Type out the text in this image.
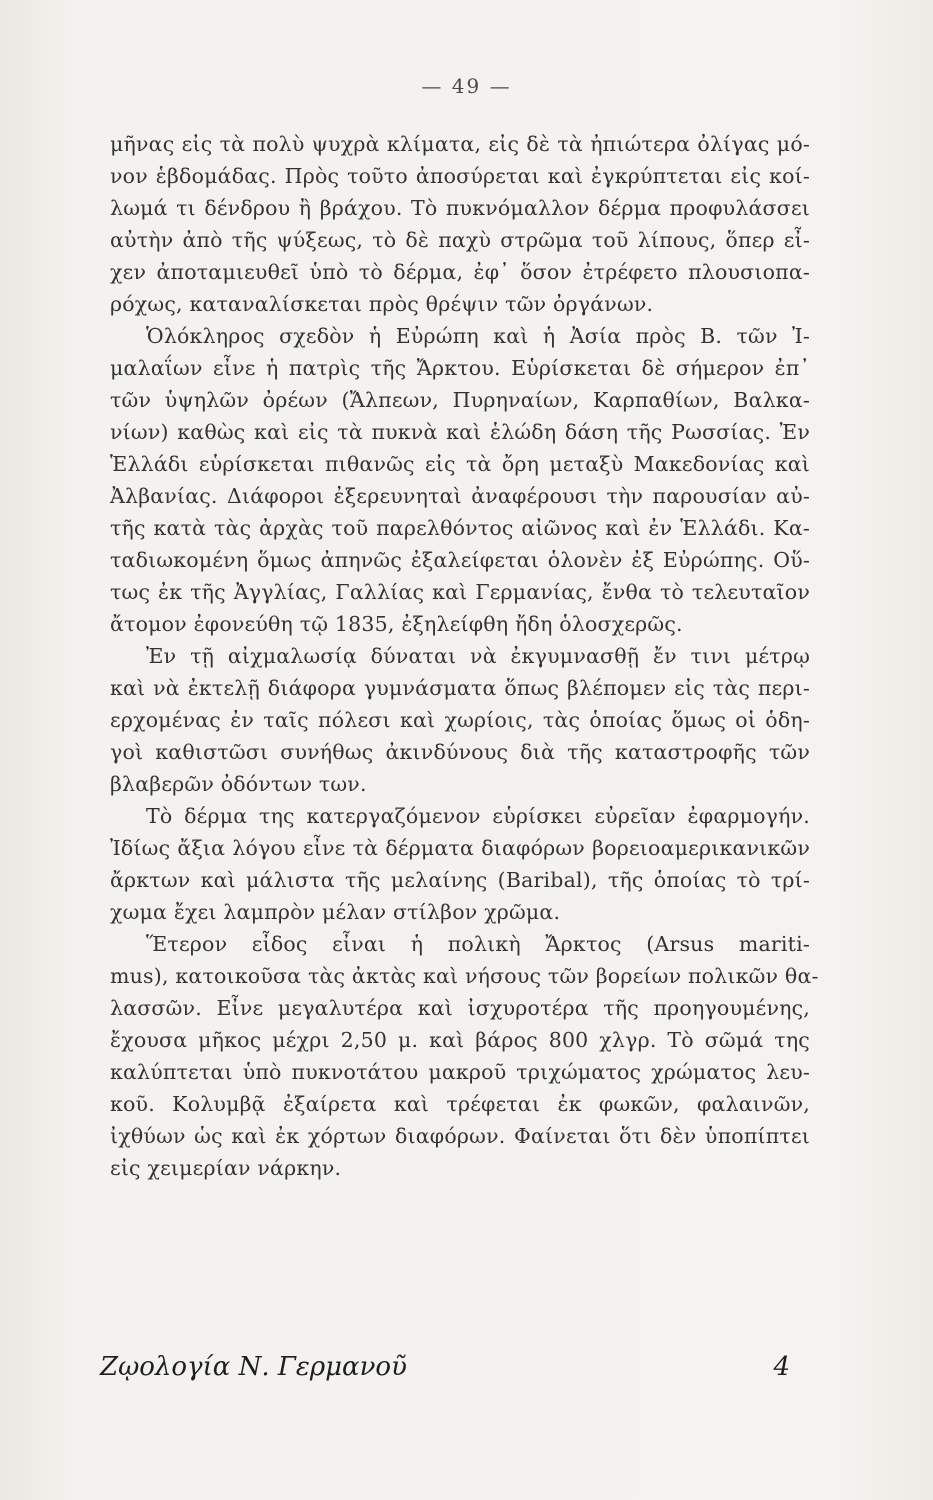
— 49 —
μῆνας εἰς τὰ πολὺ ψυχρὰ κλίματα, εἰς δὲ τὰ ἠπιώτερα ὀλίγας μό-
νον ἑβδομάδας. Πρὸς τοῦτο ἀποσύρεται καὶ ἐγκρύπτεται εἰς κοί-
λωμά τι δένδρου ἢ βράχου. Τὸ πυκνόμαλλον δέρμα προφυλάσσει
αὐτὴν ἀπὸ τῆς ψύξεως, τὸ δὲ παχὺ στρῶμα τοῦ λίπους, ὅπερ εἶ-
χεν ἀποταμιευθεῖ ὑπὸ τὸ δέρμα, ἐφ᾿ ὅσον ἐτρέφετο πλουσιοπα-
ρόχως, καταναλίσκεται πρὸς θρέψιν τῶν ὀργάνων.
Ὁλόκληρος σχεδὸν ἡ Εὐρώπη καὶ ἡ Ἀσία πρὸς Β. τῶν Ἰ-
μαλαΐων εἶνε ἡ πατρὶς τῆς Ἄρκτου. Εὑρίσκεται δὲ σήμερον ἐπ᾿
τῶν ὑψηλῶν ὀρέων (Ἄλπεων, Πυρηναίων, Καρπαθίων, Βαλκα-
νίων) καθὼς καὶ εἰς τὰ πυκνὰ καὶ ἑλώδη δάση τῆς Ρωσσίας. Ἐν
Ἑλλάδι εὑρίσκεται πιθανῶς εἰς τὰ ὄρη μεταξὺ Μακεδονίας καὶ
Ἀλβανίας. Διάφοροι ἐξερευνηταὶ ἀναφέρουσι τὴν παρουσίαν αὐ-
τῆς κατὰ τὰς ἀρχὰς τοῦ παρελθόντος αἰῶνος καὶ ἐν Ἑλλάδι. Κα-
ταδιωκομένη ὅμως ἀπηνῶς ἐξαλείφεται ὁλονὲν ἐξ Εὐρώπης. Οὕ-
τως ἐκ τῆς Ἀγγλίας, Γαλλίας καὶ Γερμανίας, ἔνθα τὸ τελευταῖον
ἄτομον ἐφονεύθη τῷ 1835, ἐξηλείφθη ἤδη ὁλοσχερῶς.
Ἐν τῇ αἰχμαλωσίᾳ δύναται νὰ ἐκγυμνασθῇ ἔν τινι μέτρῳ
καὶ νὰ ἐκτελῇ διάφορα γυμνάσματα ὅπως βλέπομεν εἰς τὰς περι-
ερχομένας ἐν ταῖς πόλεσι καὶ χωρίοις, τὰς ὁποίας ὅμως οἱ ὁδη-
γοὶ καθιστῶσι συνήθως ἀκινδύνους διὰ τῆς καταστροφῆς τῶν
βλαβερῶν ὀδόντων των.
Τὸ δέρμα της κατεργαζόμενον εὑρίσκει εὐρεῖαν ἐφαρμογήν.
Ἰδίως ἄξια λόγου εἶνε τὰ δέρματα διαφόρων βορειοαμερικανικῶν
ἄρκτων καὶ μάλιστα τῆς μελαίνης (Baribal), τῆς ὁποίας τὸ τρί-
χωμα ἔχει λαμπρὸν μέλαν στίλβον χρῶμα.
Ἕτερον εἶδος εἶναι ἡ πολικὴ Ἄρκτος (Arsus mariti-
mus), κατοικοῦσα τὰς ἀκτὰς καὶ νήσους τῶν βορείων πολικῶν θα-
λασσῶν. Εἶνε μεγαλυτέρα καὶ ἰσχυροτέρα τῆς προηγουμένης,
ἔχουσα μῆκος μέχρι 2,50 μ. καὶ βάρος 800 χλγρ. Τὸ σῶμά της
καλύπτεται ὑπὸ πυκνοτάτου μακροῦ τριχώματος χρώματος λευ-
κοῦ. Κολυμβᾷ ἐξαίρετα καὶ τρέφεται ἐκ φωκῶν, φαλαινῶν,
ἰχθύων ὡς καὶ ἐκ χόρτων διαφόρων. Φαίνεται ὅτι δὲν ὑποπίπτει
εἰς χειμερίαν νάρκην.
Ζῳολογία Ν. Γερμανοῦ	4
